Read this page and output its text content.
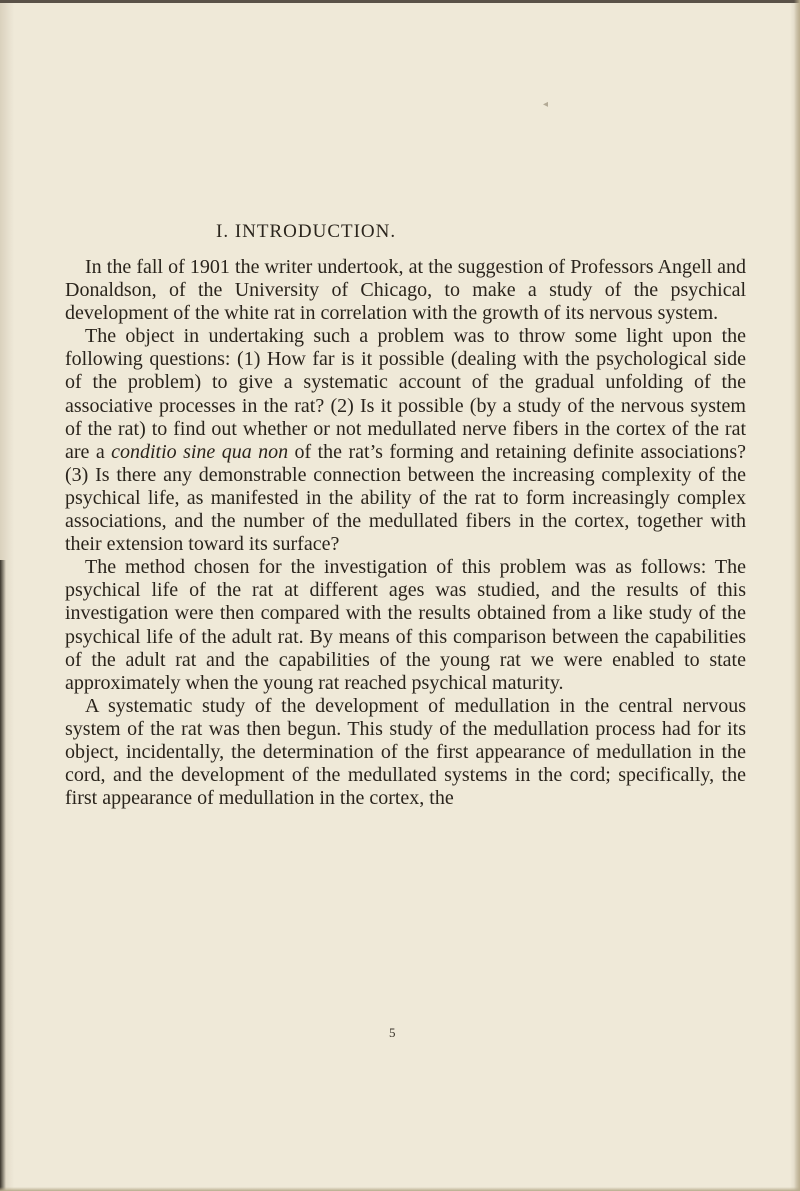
◂
I. INTRODUCTION.

In the fall of 1901 the writer undertook, at the suggestion of Professors Angell and Donaldson, of the University of Chicago, to make a study of the psychical development of the white rat in correlation with the growth of its nervous system.

The object in undertaking such a problem was to throw some light upon the following questions: (1) How far is it possible (dealing with the psychological side of the problem) to give a systematic account of the gradual unfolding of the associative processes in the rat? (2) Is it possible (by a study of the nervous system of the rat) to find out whether or not medullated nerve fibers in the cortex of the rat are a conditio sine qua non of the rat’s forming and retaining definite associations? (3) Is there any demonstrable connection between the increasing complexity of the psychical life, as manifested in the ability of the rat to form increasingly complex associations, and the number of the medullated fibers in the cortex, together with their extension toward its surface?

The method chosen for the investigation of this problem was as follows: The psychical life of the rat at different ages was studied, and the results of this investigation were then compared with the results obtained from a like study of the psychical life of the adult rat. By means of this comparison between the capabilities of the adult rat and the capabilities of the young rat we were enabled to state approximately when the young rat reached psychical maturity.

A systematic study of the development of medullation in the central nervous system of the rat was then begun. This study of the medullation process had for its object, incidentally, the determination of the first appearance of medullation in the cord, and the development of the medullated systems in the cord; specifically, the first appearance of medullation in the cortex, the

5
